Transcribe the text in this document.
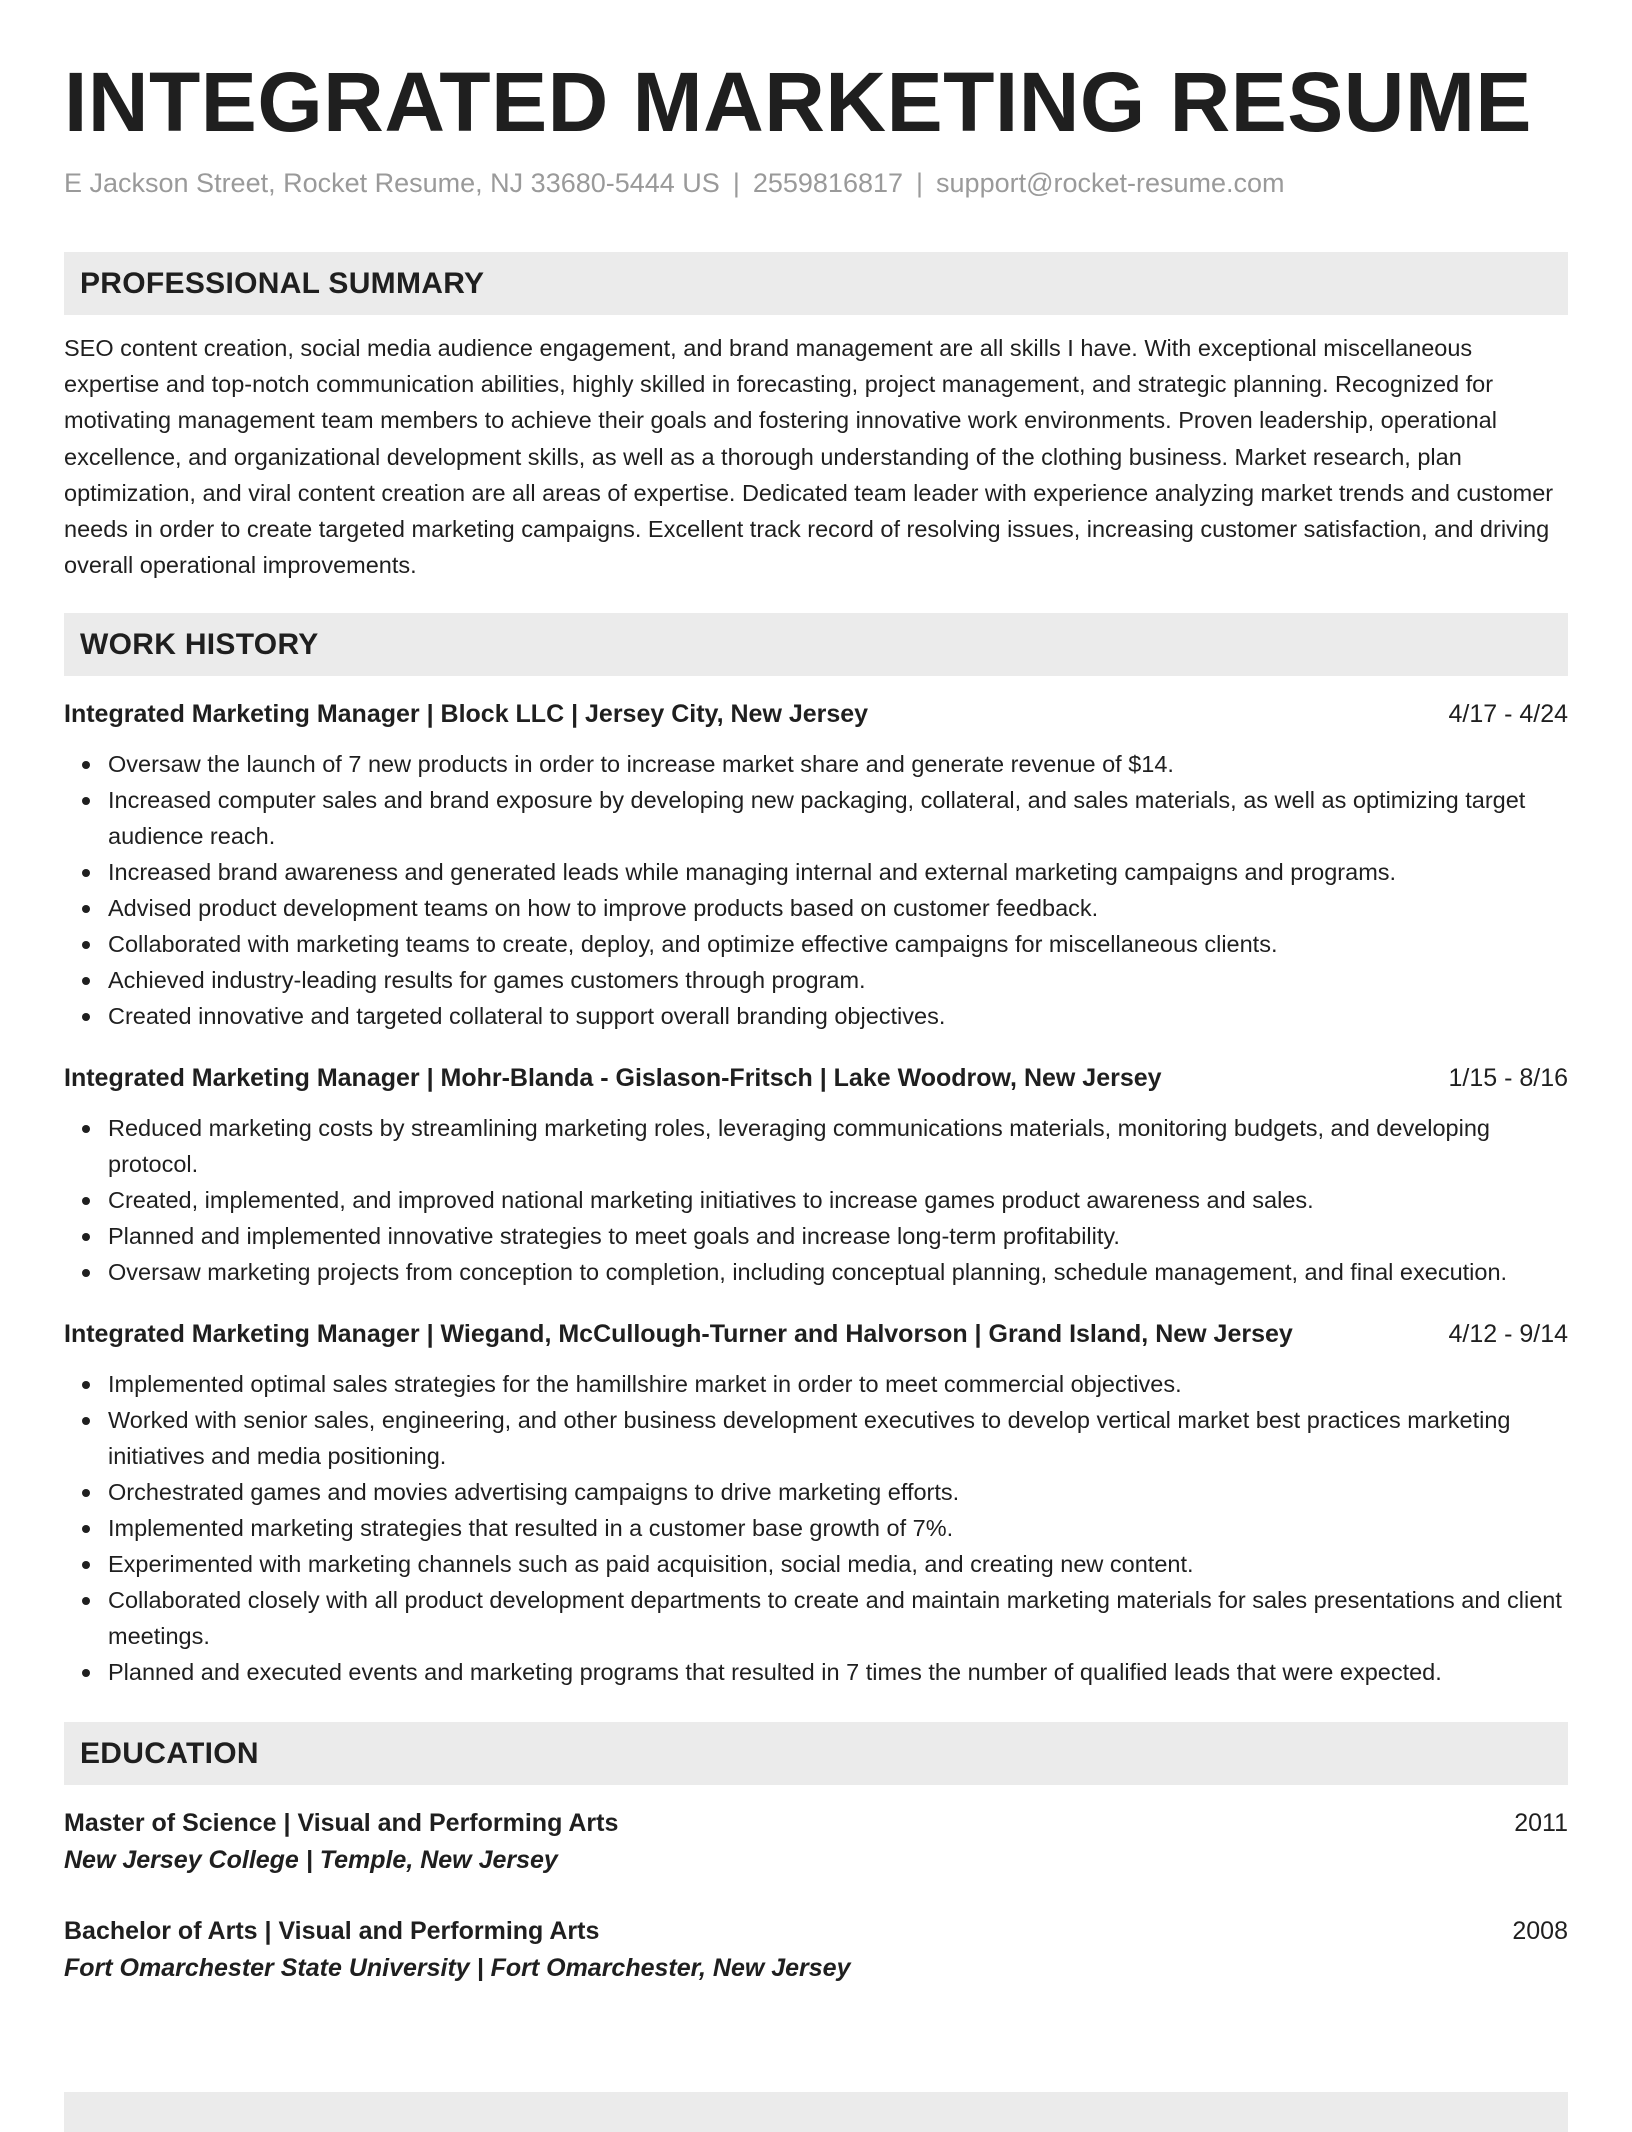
INTEGRATED MARKETING RESUME
E Jackson Street, Rocket Resume, NJ 33680-5444 US | 2559816817 | support@rocket-resume.com
PROFESSIONAL SUMMARY
SEO content creation, social media audience engagement, and brand management are all skills I have. With exceptional miscellaneous expertise and top-notch communication abilities, highly skilled in forecasting, project management, and strategic planning. Recognized for motivating management team members to achieve their goals and fostering innovative work environments. Proven leadership, operational excellence, and organizational development skills, as well as a thorough understanding of the clothing business. Market research, plan optimization, and viral content creation are all areas of expertise. Dedicated team leader with experience analyzing market trends and customer needs in order to create targeted marketing campaigns. Excellent track record of resolving issues, increasing customer satisfaction, and driving overall operational improvements.
WORK HISTORY
Integrated Marketing Manager | Block LLC | Jersey City, New Jersey	4/17 - 4/24
Oversaw the launch of 7 new products in order to increase market share and generate revenue of $14.
Increased computer sales and brand exposure by developing new packaging, collateral, and sales materials, as well as optimizing target audience reach.
Increased brand awareness and generated leads while managing internal and external marketing campaigns and programs.
Advised product development teams on how to improve products based on customer feedback.
Collaborated with marketing teams to create, deploy, and optimize effective campaigns for miscellaneous clients.
Achieved industry-leading results for games customers through program.
Created innovative and targeted collateral to support overall branding objectives.
Integrated Marketing Manager | Mohr-Blanda - Gislason-Fritsch | Lake Woodrow, New Jersey	1/15 - 8/16
Reduced marketing costs by streamlining marketing roles, leveraging communications materials, monitoring budgets, and developing protocol.
Created, implemented, and improved national marketing initiatives to increase games product awareness and sales.
Planned and implemented innovative strategies to meet goals and increase long-term profitability.
Oversaw marketing projects from conception to completion, including conceptual planning, schedule management, and final execution.
Integrated Marketing Manager | Wiegand, McCullough-Turner and Halvorson | Grand Island, New Jersey	4/12 - 9/14
Implemented optimal sales strategies for the hamillshire market in order to meet commercial objectives.
Worked with senior sales, engineering, and other business development executives to develop vertical market best practices marketing initiatives and media positioning.
Orchestrated games and movies advertising campaigns to drive marketing efforts.
Implemented marketing strategies that resulted in a customer base growth of 7%.
Experimented with marketing channels such as paid acquisition, social media, and creating new content.
Collaborated closely with all product development departments to create and maintain marketing materials for sales presentations and client meetings.
Planned and executed events and marketing programs that resulted in 7 times the number of qualified leads that were expected.
EDUCATION
Master of Science | Visual and Performing Arts	2011
New Jersey College | Temple, New Jersey
Bachelor of Arts | Visual and Performing Arts	2008
Fort Omarchester State University | Fort Omarchester, New Jersey
